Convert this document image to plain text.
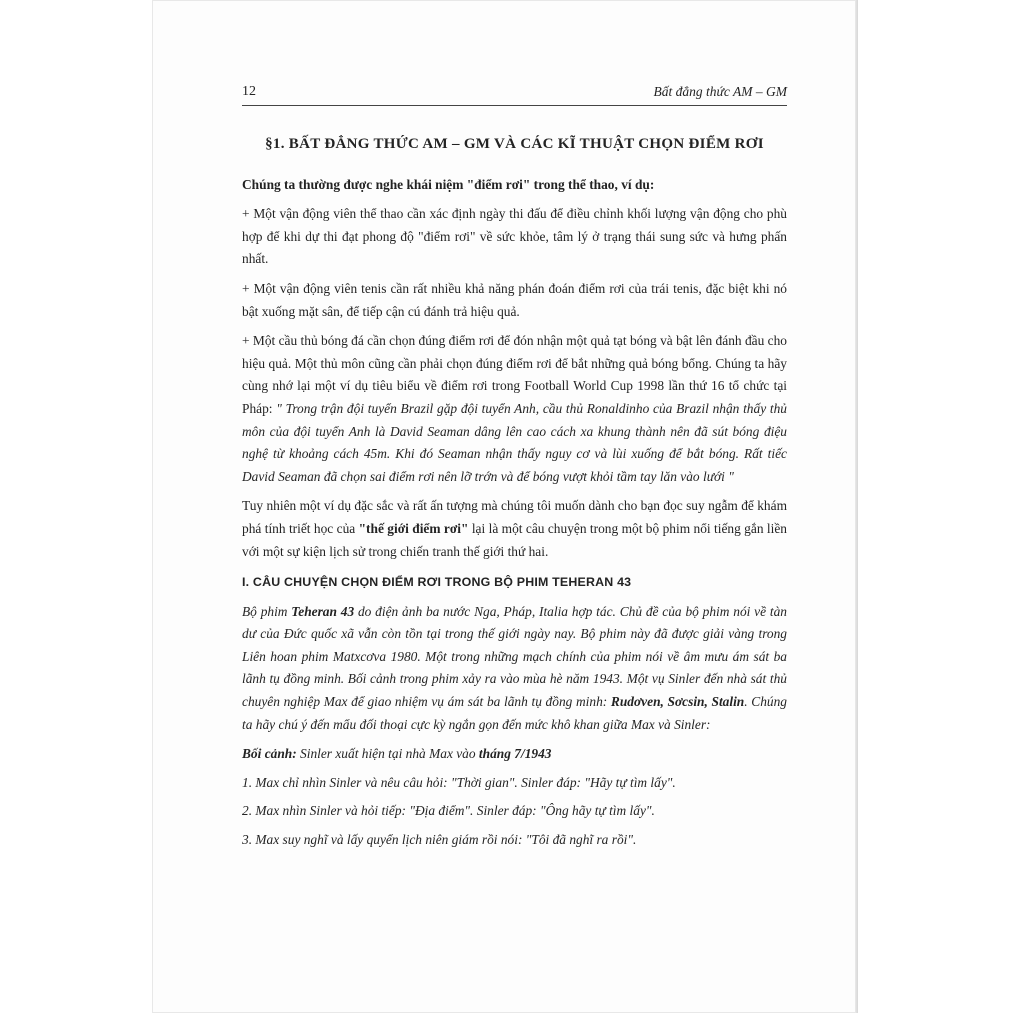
12	Bất đẳng thức AM – GM
§1. BẤT ĐẲNG THỨC AM – GM VÀ CÁC KĨ THUẬT CHỌN ĐIỂM RƠI
Chúng ta thường được nghe khái niệm "điểm rơi" trong thể thao, ví dụ:

+ Một vận động viên thể thao cần xác định ngày thi đấu để điều chỉnh khối lượng vận động cho phù hợp để khi dự thi đạt phong độ "điểm rơi" về sức khỏe, tâm lý ở trạng thái sung sức và hưng phấn nhất.

+ Một vận động viên tenis cần rất nhiều khả năng phán đoán điểm rơi của trái tenis, đặc biệt khi nó bật xuống mặt sân, để tiếp cận cú đánh trả hiệu quả.

+ Một cầu thủ bóng đá cần chọn đúng điểm rơi để đón nhận một quả tạt bóng và bật lên đánh đầu cho hiệu quả. Một thủ môn cũng cần phải chọn đúng điểm rơi để bắt những quả bóng bổng. Chúng ta hãy cùng nhớ lại một ví dụ tiêu biểu về điểm rơi trong Football World Cup 1998 lần thứ 16 tổ chức tại Pháp: " Trong trận đội tuyển Brazil gặp đội tuyển Anh, cầu thủ Ronaldinho của Brazil nhận thấy thủ môn của đội tuyển Anh là David Seaman dâng lên cao cách xa khung thành nên đã sút bóng điệu nghệ từ khoảng cách 45m. Khi đó Seaman nhận thấy nguy cơ và lùi xuống để bắt bóng. Rất tiếc David Seaman đã chọn sai điểm rơi nên lỡ trớn và để bóng vượt khỏi tầm tay lăn vào lưới "

Tuy nhiên một ví dụ đặc sắc và rất ấn tượng mà chúng tôi muốn dành cho bạn đọc suy ngẫm để khám phá tính triết học của "thế giới điểm rơi" lại là một câu chuyện trong một bộ phim nổi tiếng gắn liền với một sự kiện lịch sử trong chiến tranh thế giới thứ hai.

I. CÂU CHUYỆN CHỌN ĐIỂM RƠI TRONG BỘ PHIM TEHERAN 43

Bộ phim Teheran 43 do điện ảnh ba nước Nga, Pháp, Italia hợp tác. Chủ đề của bộ phim nói về tàn dư của Đức quốc xã vẫn còn tồn tại trong thế giới ngày nay. Bộ phim này đã được giải vàng trong Liên hoan phim Matxcơva 1980. Một trong những mạch chính của phim nói về âm mưu ám sát ba lãnh tụ đồng minh. Bối cảnh trong phim xảy ra vào mùa hè năm 1943. Một vụ Sinler đến nhà sát thủ chuyên nghiệp Max để giao nhiệm vụ ám sát ba lãnh tụ đồng minh: Rudơven, Sơcsin, Stalin. Chúng ta hãy chú ý đến mẩu đối thoại cực kỳ ngắn gọn đến mức khô khan giữa Max và Sinler:

Bối cảnh: Sinler xuất hiện tại nhà Max vào tháng 7/1943

1. Max chỉ nhìn Sinler và nêu câu hỏi: "Thời gian". Sinler đáp: "Hãy tự tìm lấy".

2. Max nhìn Sinler và hỏi tiếp: "Địa điểm". Sinler đáp: "Ông hãy tự tìm lấy".

3. Max suy nghĩ và lấy quyển lịch niên giám rồi nói: "Tôi đã nghĩ ra rồi".
